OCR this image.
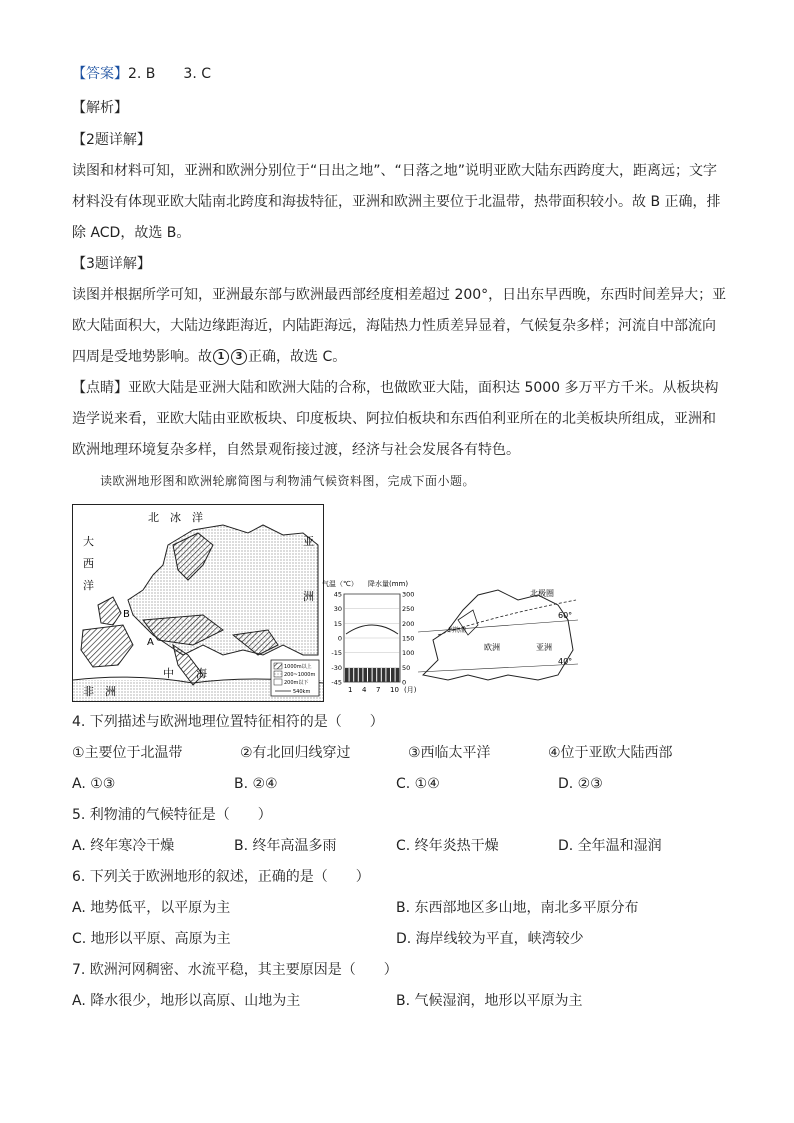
【答案】2. B　　3. C
【解析】
【2题详解】
读图和材料可知，亚洲和欧洲分别位于“日出之地”、“日落之地”说明亚欧大陆东西跨度大，距离远；文字
材料没有体现亚欧大陆南北跨度和海拔特征，亚洲和欧洲主要位于北温带，热带面积较小。故 B 正确，排
除 ACD，故选 B。
【3题详解】
读图并根据所学可知，亚洲最东部与欧洲最西部经度相差超过 200°，日出东早西晚，东西时间差异大；亚
欧大陆面积大，大陆边缘距海近，内陆距海远，海陆热力性质差异显着，气候复杂多样；河流自中部流向
四周是受地势影响。故 1 3 正确，故选 C。
【点睛】亚欧大陆是亚洲大陆和欧洲大陆的合称，也做欧亚大陆，面积达 5000 多万平方千米。从板块构
造学说来看，亚欧大陆由亚欧板块、印度板块、阿拉伯板块和东西伯利亚所在的北美板块所组成，亚洲和
欧洲地理环境复杂多样，自然景观衔接过渡，经济与社会发展各有特色。
读欧洲地形图和欧洲轮廓简图与利物浦气候资料图，完成下面小题。
北　冰　洋
大
西
洋
亚
洲
非　洲
中　　海
B
A
1000m以上
200~1000m
200m以下
540km
气温（℃） 降水量(mm)
45	300
30	250
15	200
0	150
-15	100
-30	50
-45	0
1 4 7 10 (月)
北极圈
60°
40°
欧洲	亚洲
利物浦
4. 下列描述与欧洲地理位置特征相符的是（　　）
①主要位于北温带	②有北回归线穿过	③西临太平洋	④位于亚欧大陆西部
A. ①③	B. ②④	C. ①④	D. ②③
5. 利物浦的气候特征是（　　）
A. 终年寒冷干燥	B. 终年高温多雨	C. 终年炎热干燥	D. 全年温和湿润
6. 下列关于欧洲地形的叙述，正确的是（　　）
A. 地势低平，以平原为主	B. 东西部地区多山地，南北多平原分布
C. 地形以平原、高原为主	D. 海岸线较为平直，峡湾较少
7. 欧洲河网稠密、水流平稳，其主要原因是（　　）
A. 降水很少，地形以高原、山地为主	B. 气候湿润，地形以平原为主
